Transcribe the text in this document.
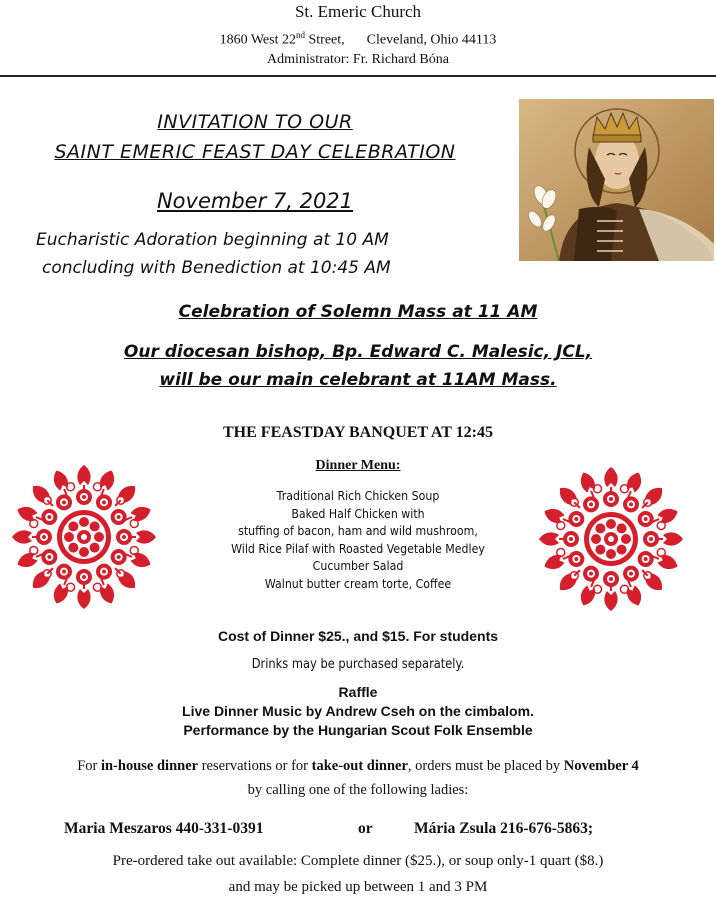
St. Emeric Church
1860 West 22nd Street, Cleveland, Ohio 44113
Administrator: Fr. Richard Bóna
INVITATION TO OUR
SAINT EMERIC FEAST DAY CELEBRATION
November 7, 2021
Eucharistic Adoration beginning at 10 AM
concluding with Benediction at 10:45 AM
Celebration of Solemn Mass at 11 AM
Our diocesan bishop, Bp. Edward C. Malesic, JCL,
will be our main celebrant at 11AM Mass.
THE FEASTDAY BANQUET AT 12:45
Dinner Menu:
Traditional Rich Chicken Soup
Baked Half Chicken with
stuffing of bacon, ham and wild mushroom,
Wild Rice Pilaf with Roasted Vegetable Medley
Cucumber Salad
Walnut butter cream torte, Coffee
Cost of Dinner $25., and $15. For students
Drinks may be purchased separately.
Raffle
Live Dinner Music by Andrew Cseh on the cimbalom.
Performance by the Hungarian Scout Folk Ensemble
For in-house dinner reservations or for take-out dinner, orders must be placed by November 4
by calling one of the following ladies:
Maria Meszaros 440-331-0391	or	Mária Zsula 216-676-5863;
Pre-ordered take out available: Complete dinner ($25.), or soup only-1 quart ($8.)
and may be picked up between 1 and 3 PM
